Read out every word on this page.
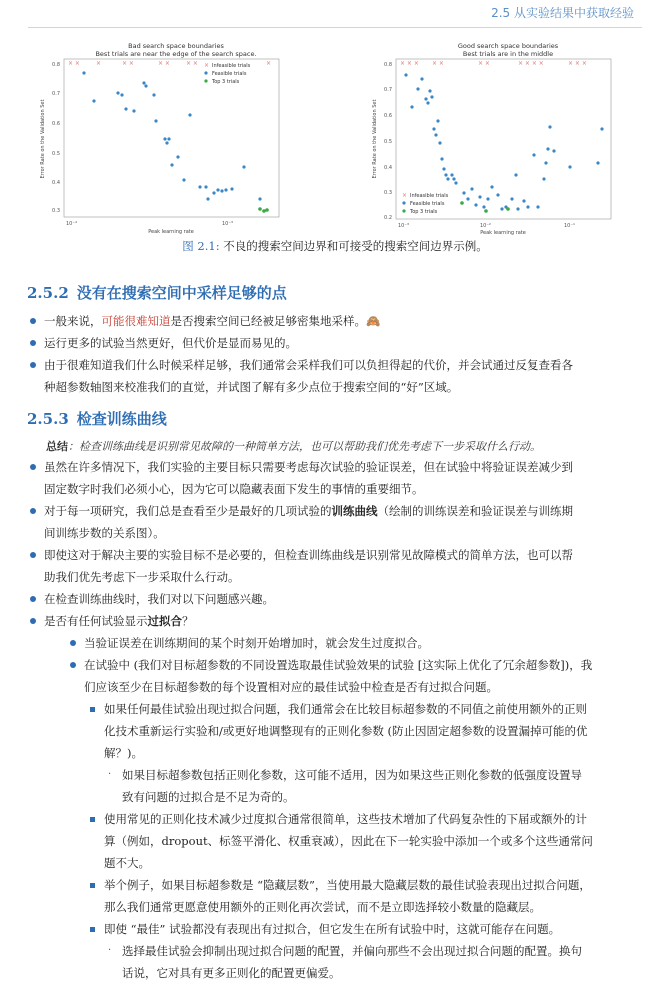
2.5 从实验结果中获取经验
Bad search space boundaries
Best trials are near the edge of the search space.
0.8
0.7
0.6
0.5
0.4
0.3
10⁻⁴	10⁻³
Peak learning rate
Error Rate on the Validation Set
× ×	×	× ×	× ×	× ×	×
× Infeasible trials
Feasible trials
Top 3 trials
Good search space boundaries
Best trials are in the middle
0.8
0.7
0.6
0.5
0.4
0.3
0.2
10⁻³	10⁻²	10⁻¹
Peak learning rate
Error Rate on the Validation Set
× × × × ×	× ×	× × × ×	× × ×
× Infeasible trials
Feasible trials
Top 3 trials
图 2.1: 不良的搜索空间边界和可接受的搜索空间边界示例。
2.5.2 没有在搜索空间中采样足够的点
一般来说，可能很难知道是否搜索空间已经被足够密集地采样。🙈
运行更多的试验当然更好，但代价是显而易见的。
由于很难知道我们什么时候采样足够，我们通常会采样我们可以负担得起的代价，并会试通过反复查看各
种超参数轴图来校准我们的直觉，并试图了解有多少点位于搜索空间的“好”区域。
2.5.3 检查训练曲线
总结：检查训练曲线是识别常见故障的一种简单方法，也可以帮助我们优先考虑下一步采取什么行动。
虽然在许多情况下，我们实验的主要目标只需要考虑每次试验的验证误差，但在试验中将验证误差减少到
固定数字时我们必须小心，因为它可以隐藏表面下发生的事情的重要细节。
对于每一项研究，我们总是查看至少是最好的几项试验的训练曲线（绘制的训练误差和验证误差与训练期
间训练步数的关系图）。
即使这对于解决主要的实验目标不是必要的，但检查训练曲线是识别常见故障模式的简单方法，也可以帮
助我们优先考虑下一步采取什么行动。
在检查训练曲线时，我们对以下问题感兴趣。
是否有任何试验显示过拟合？
当验证误差在训练期间的某个时刻开始增加时，就会发生过度拟合。
在试验中 (我们对目标超参数的不同设置选取最佳试验效果的试验 [这实际上优化了冗余超参数])，我
们应该至少在目标超参数的每个设置相对应的最佳试验中检查是否有过拟合问题。
如果任何最佳试验出现过拟合问题，我们通常会在比较目标超参数的不同值之前使用额外的正则
化技术重新运行实验和/或更好地调整现有的正则化参数 (防止因固定超参数的设置漏掉可能的优
解？)。
· 如果目标超参数包括正则化参数，这可能不适用，因为如果这些正则化参数的低强度设置导
致有问题的过拟合是不足为奇的。
使用常见的正则化技术减少过度拟合通常很简单，这些技术增加了代码复杂性的下届或额外的计
算（例如，dropout、标签平滑化、权重衰减），因此在下一轮实验中添加一个或多个这些通常问
题不大。
举个例子，如果目标超参数是 “隐藏层数”，当使用最大隐藏层数的最佳试验表现出过拟合问题，
那么我们通常更愿意使用额外的正则化再次尝试，而不是立即选择较小数量的隐藏层。
即使 “最佳” 试验都没有表现出有过拟合，但它发生在所有试验中时，这就可能存在问题。
· 选择最佳试验会抑制出现过拟合问题的配置，并偏向那些不会出现过拟合问题的配置。换句
话说，它对具有更多正则化的配置更偏爱。
